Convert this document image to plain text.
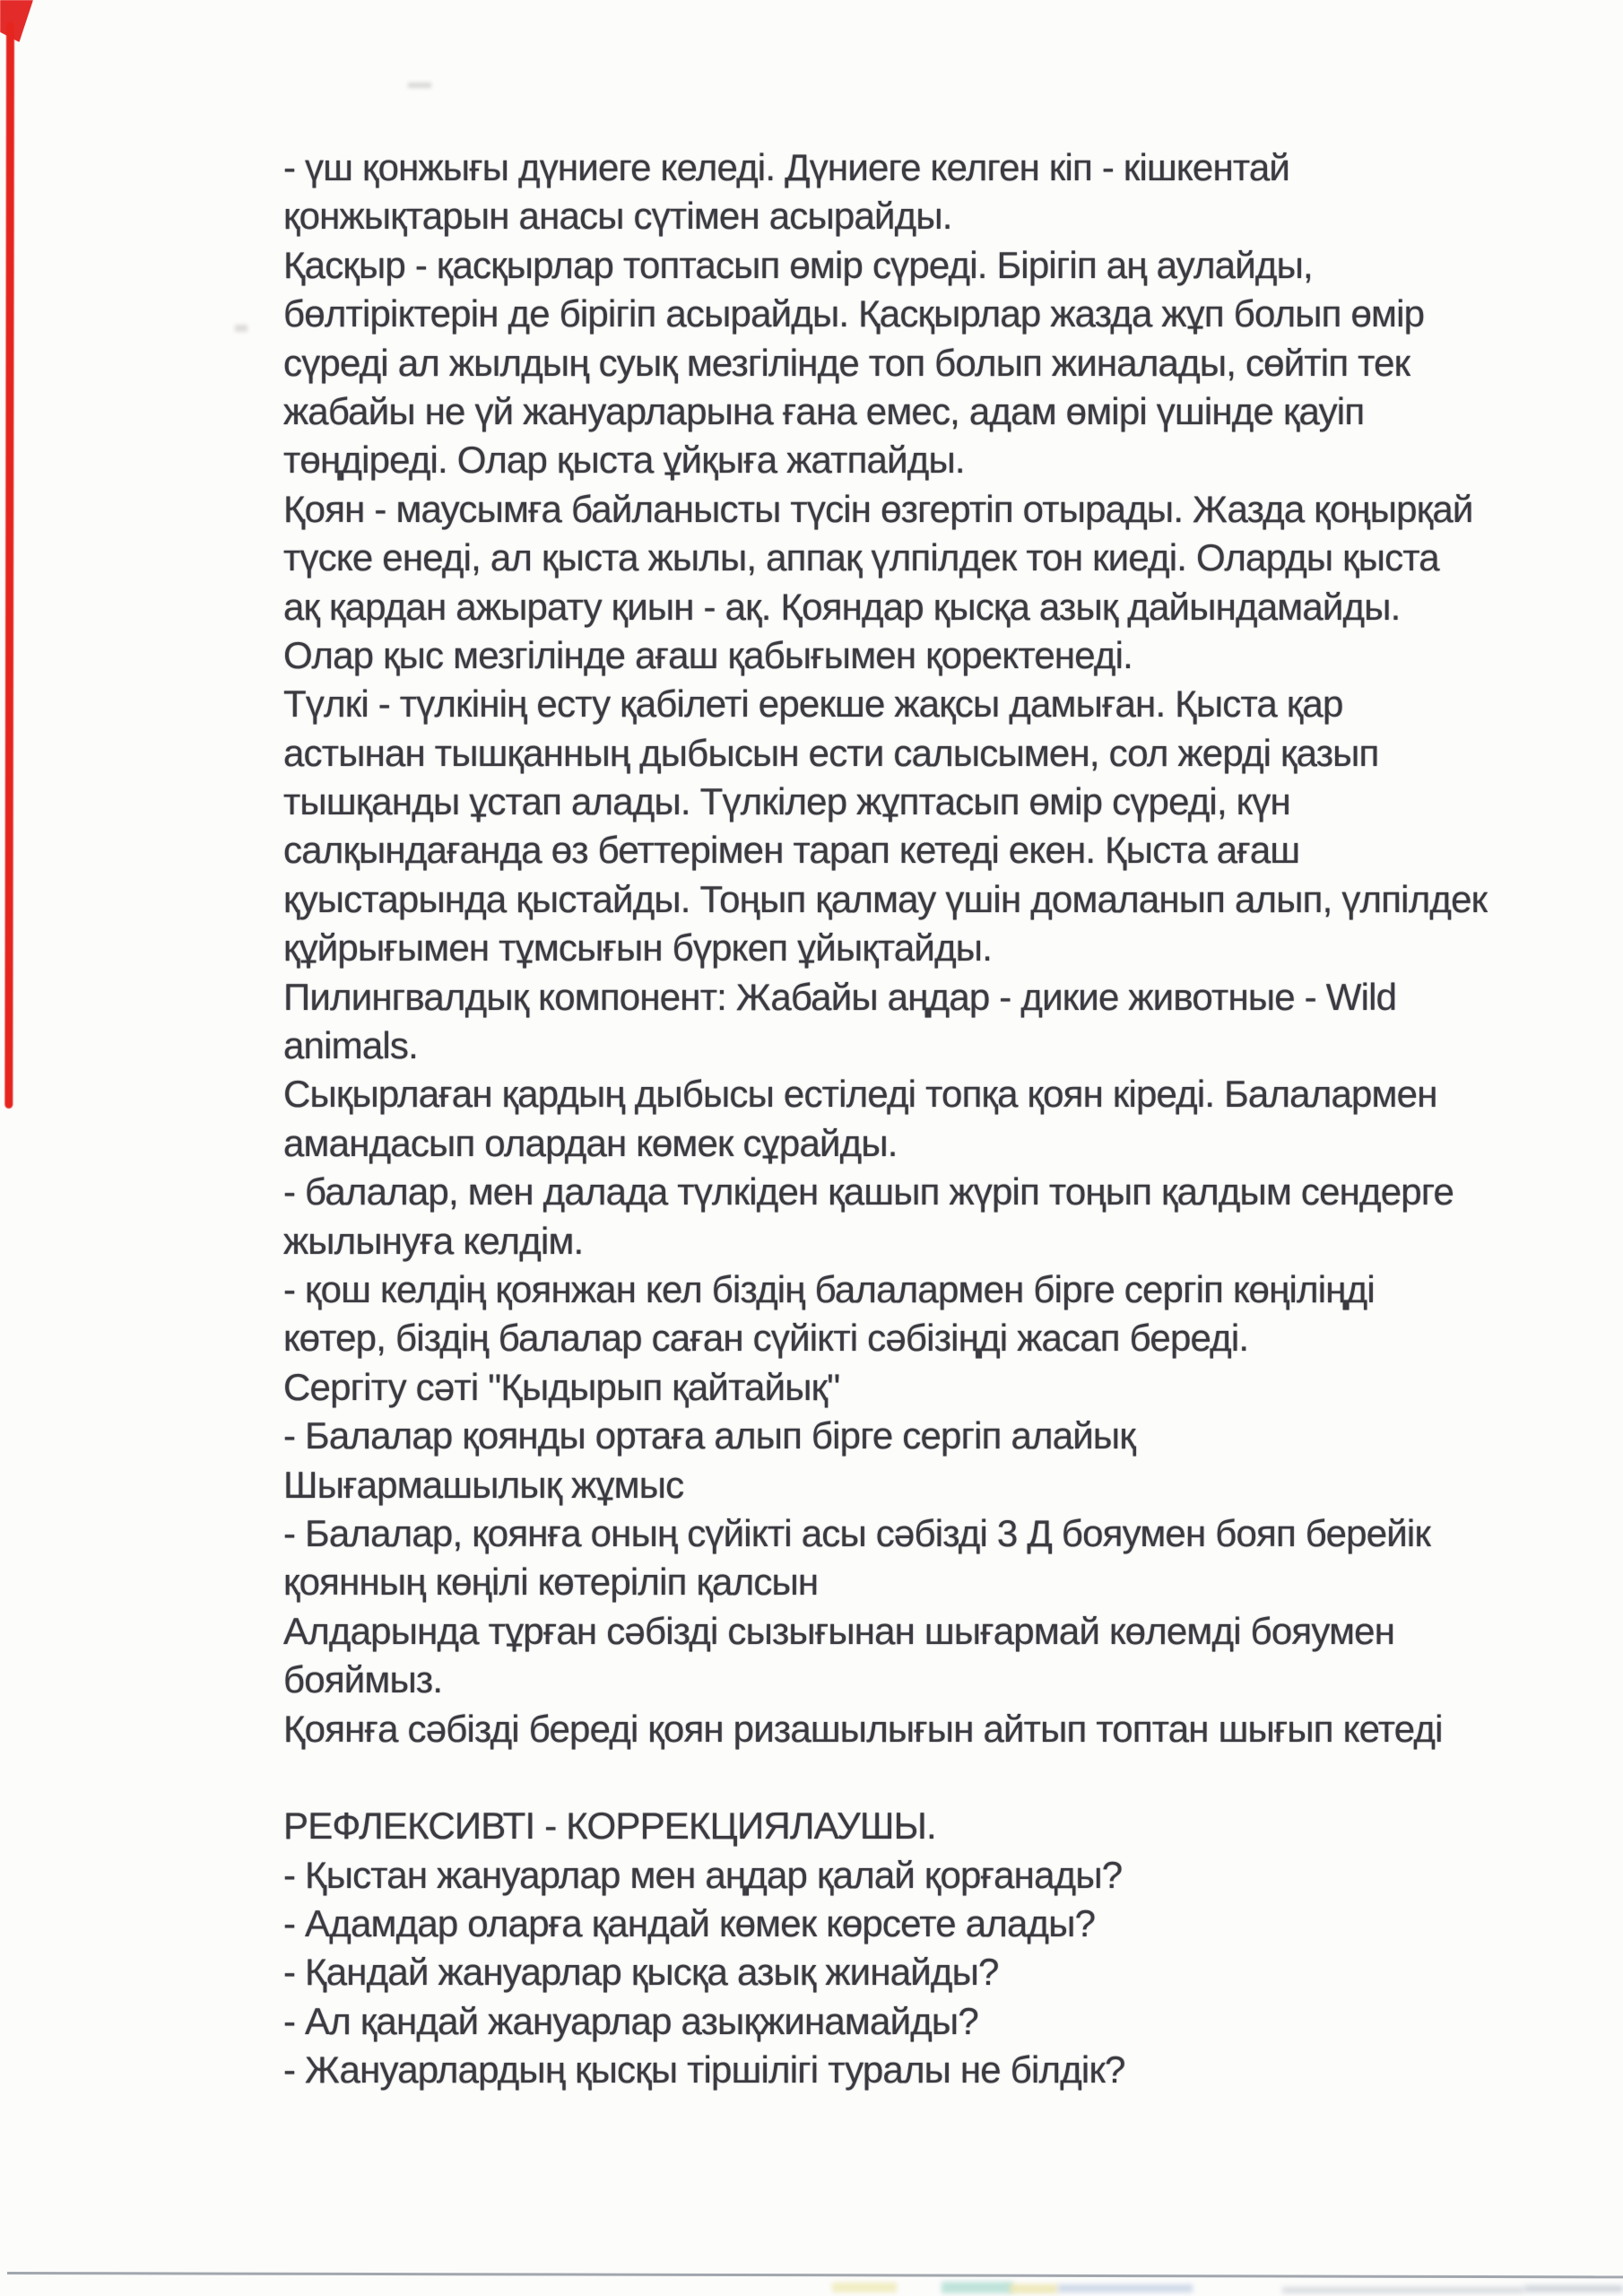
- үш қонжығы дүниеге келеді. Дүниеге келген кіп - кішкентай
қонжықтарын анасы сүтімен асырайды.
Қасқыр - қасқырлар топтасып өмір сүреді. Бірігіп аң аулайды,
бөлтіріктерін де бірігіп асырайды. Қасқырлар жазда жұп болып өмір
сүреді ал жылдың суық мезгілінде топ болып жиналады, сөйтіп тек
жабайы не үй жануарларына ғана емес, адам өмірі үшінде қауіп
төңдіреді. Олар қыста ұйқыға жатпайды.
Қоян - маусымға байланысты түсін өзгертіп отырады. Жазда қоңырқай
түске енеді, ал қыста жылы, аппақ үлпілдек тон киеді. Оларды қыста
ақ қардан ажырату қиын - ақ. Қояндар қысқа азық дайындамайды.
Олар қыс мезгілінде ағаш қабығымен қоректенеді.
Түлкі - түлкінің есту қабілеті ерекше жақсы дамыған. Қыста қар
астынан тышқанның дыбысын ести салысымен, сол жерді қазып
тышқанды ұстап алады. Түлкілер жұптасып өмір сүреді, күн
салқындағанда өз беттерімен тарап кетеді екен. Қыста ағаш
қуыстарында қыстайды. Тоңып қалмау үшін домаланып алып, үлпілдек
құйрығымен тұмсығын бүркеп ұйықтайды.
Пилингвалдық компонент: Жабайы аңдар - дикие животные - Wild
animals.
Сықырлаған қардың дыбысы естіледі топқа қоян кіреді. Балалармен
амандасып олардан көмек сұрайды.
- балалар, мен далада түлкіден қашып жүріп тоңып қалдым сендерге
жылынуға келдім.
- қош келдің қоянжан кел біздің балалармен бірге сергіп көңіліңді
көтер, біздің балалар саған сүйікті сәбізіңді жасап береді.
Сергіту сәті "Қыдырып қайтайық"
- Балалар қоянды ортаға алып бірге сергіп алайық
Шығармашылық жұмыс
- Балалар, қоянға оның сүйікті асы сәбізді 3 Д бояумен бояп берейік
қоянның көңілі көтеріліп қалсын
Алдарында тұрған сәбізді сызығынан шығармай көлемді бояумен
бояймыз.
Қоянға сәбізді береді қоян ризашылығын айтып топтан шығып кетеді

РЕФЛЕКСИВТІ - КОРРЕКЦИЯЛАУШЫ.
- Қыстан жануарлар мен аңдар қалай қорғанады?
- Адамдар оларға қандай көмек көрсете алады?
- Қандай жануарлар қысқа азық жинайды?
- Ал қандай жануарлар азықжинамайды?
- Жануарлардың қысқы тіршілігі туралы не білдік?
